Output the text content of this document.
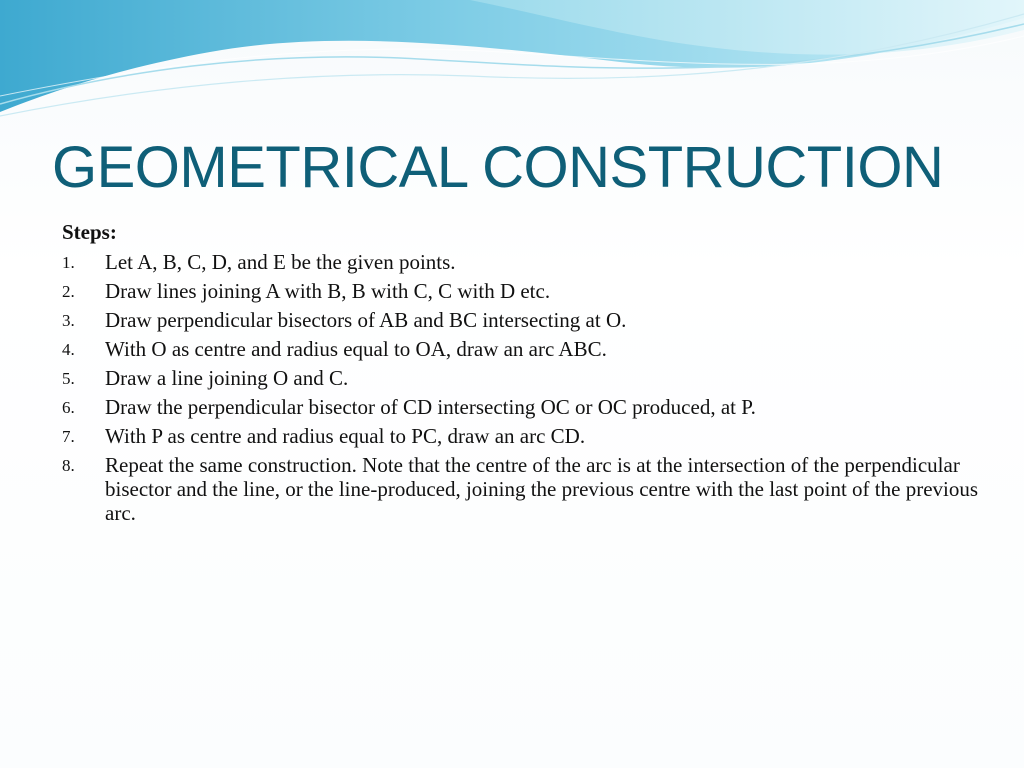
GEOMETRICAL CONSTRUCTION

Steps:

1.	Let A, B, C, D, and E be the given points.
2.	Draw lines joining A with B, B with C, C with D etc.
3.	Draw perpendicular bisectors of AB and BC intersecting at O.
4.	With O as centre and radius equal to OA, draw an arc ABC.
5.	Draw a line joining O and C.
6.	Draw the perpendicular bisector of CD intersecting OC or OC produced, at P.
7.	With P as centre and radius equal to PC, draw an arc CD.
8.	Repeat the same construction. Note that the centre of the arc is at the intersection of the perpendicular bisector and the line, or the line-produced, joining the previous centre with the last point of the previous arc.
